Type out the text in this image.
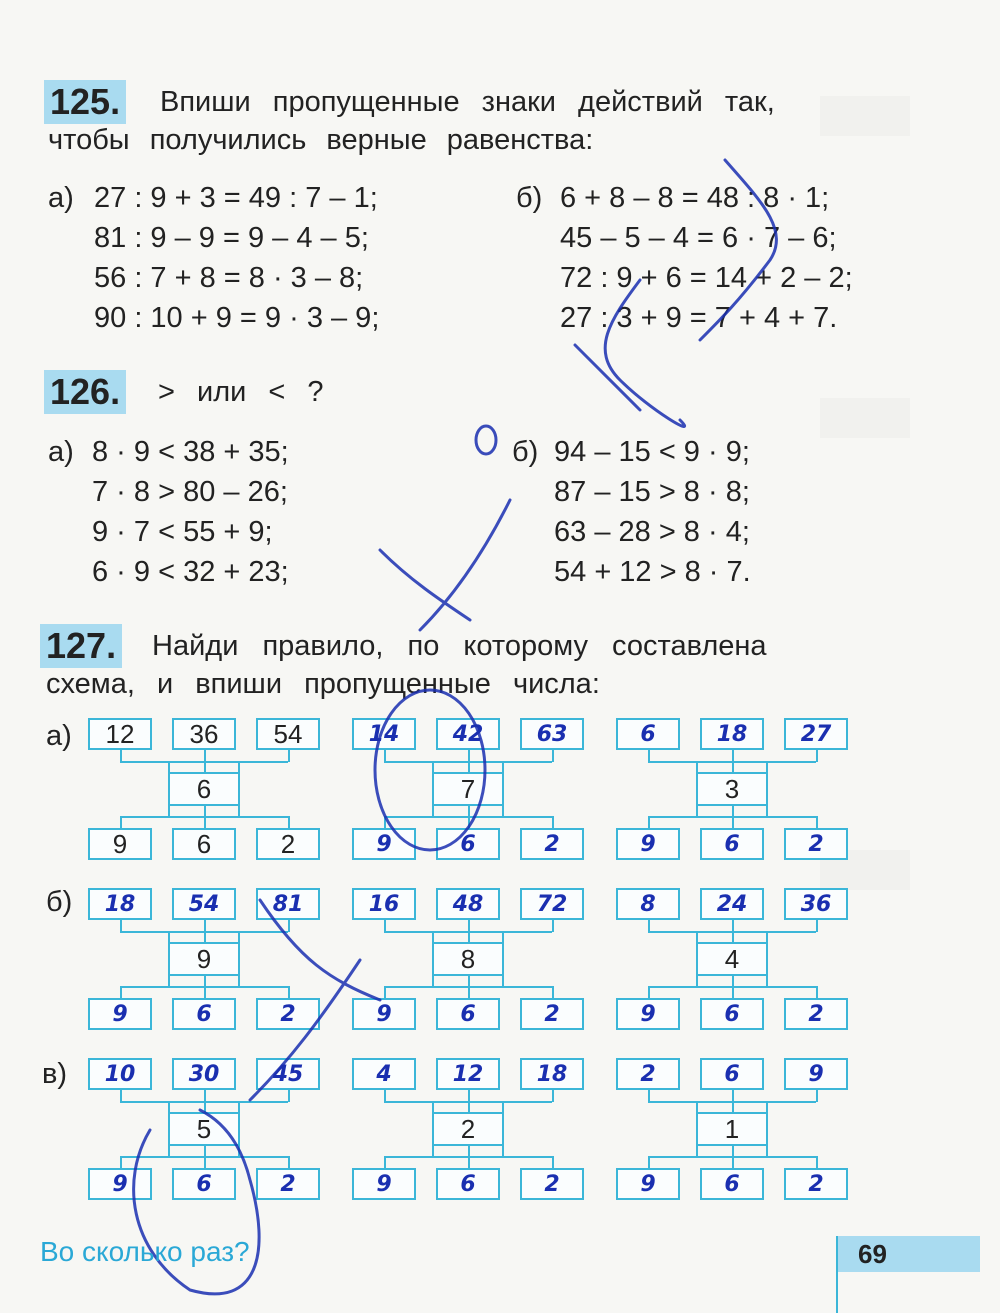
125. Впиши пропущенные знаки действий так,
чтобы получились верные равенства:
а) 27 : 9 + 3 = 49 : 7 – 1;
81 : 9 – 9 = 9 – 4 – 5;
56 : 7 + 8 = 8 · 3 – 8;
90 : 10 + 9 = 9 · 3 – 9;
б) 6 + 8 – 8 = 48 : 8 · 1;
45 – 5 – 4 = 6 · 7 – 6;
72 : 9 + 6 = 14 + 2 – 2;
27 : 3 + 9 = 7 + 4 + 7.
126. > или < ?
а) 8 · 9 < 38 + 35;
7 · 8 > 80 – 26;
9 · 7 < 55 + 9;
6 · 9 < 32 + 23;
б) 94 – 15 < 9 · 9;
87 – 15 > 8 · 8;
63 – 28 > 8 · 4;
54 + 12 > 8 · 7.
127. Найди правило, по которому составлена
схема, и впиши пропущенные числа:
а)
б)
в)
12	36	54
6
9	6	2
14	42	63
7
9	6	2
6	18	27
3
9	6	2
18	54	81
9
9	6	2
16	48	72
8
9	6	2
8	24	36
4
9	6	2
10	30	45
5
9	6	2
4	12	18
2
9	6	2
2	6	9
1
9	6	2
Во сколько раз?	69
